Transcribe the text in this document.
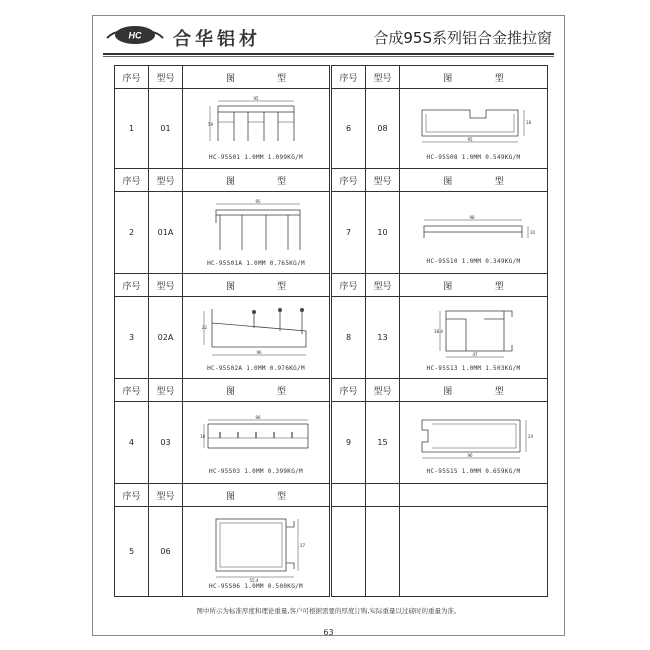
HC 合华铝材	合成95S系列铝合金推拉窗
序号	型号	图 型

1	01	95
59
HC-95S01 1.0MM 1.099KG/M

序号	型号	图 型

2	01A	95
HC-95S01A 1.0MM 0.765KG/M

序号	型号	图 型

3	02A	22
96
HC-95S02A 1.0MM 0.976KG/M

序号	型号	图 型

4	03	96
18
HC-95S03 1.0MM 0.399KG/M

序号	型号	图 型

5	06	27
55.4
HC-95S06 1.0MM 0.500KG/M
序号	型号	图 型

6	08	95
18
HC-95S08 1.0MM 0.549KG/M

序号	型号	图 型

7	10	98
10
HC-95S10 1.0MM 0.349KG/M

序号	型号	图 型

8	13	38.4
47
HC-95S13 1.0MM 1.503KG/M

序号	型号	图 型

9	15	96
24
HC-95S15 1.0MM 0.659KG/M

图中所示为标准厚度和理论重量,客户可根据需要的厚度订购,实际重量以过磅时的重量为准。
63
